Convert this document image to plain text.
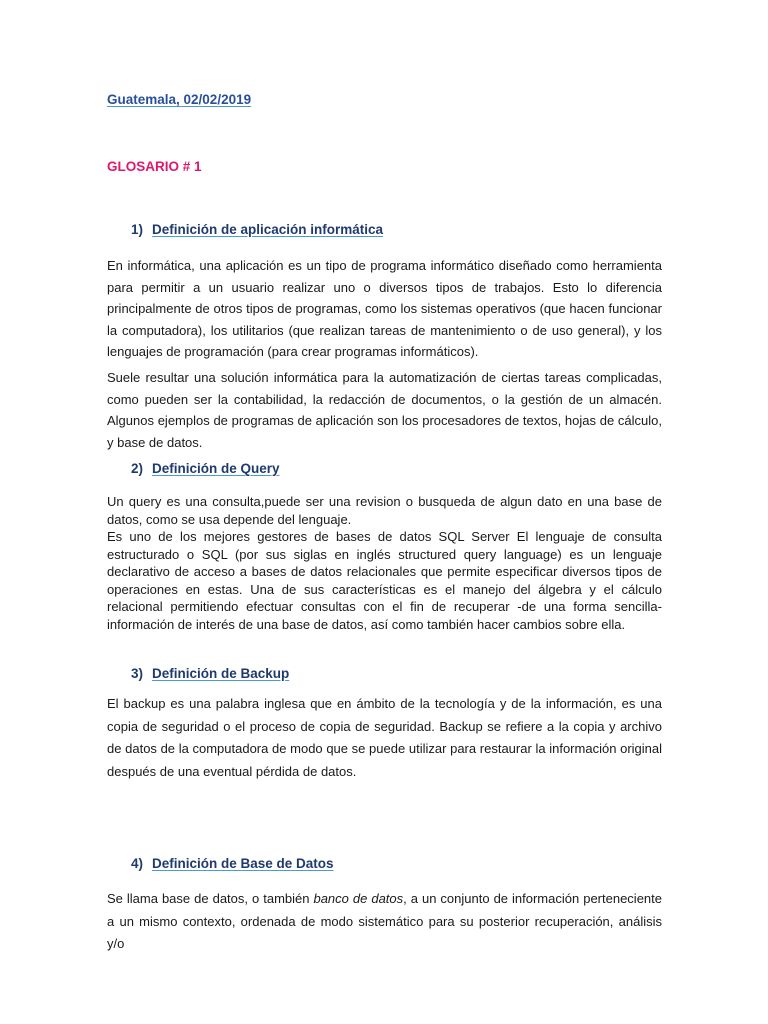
Guatemala, 02/02/2019
GLOSARIO # 1
1) Definición de aplicación informática

En informática, una aplicación es un tipo de programa informático diseñado como herramienta para permitir a un usuario realizar uno o diversos tipos de trabajos. Esto lo diferencia principalmente de otros tipos de programas, como los sistemas operativos (que hacen funcionar la computadora), los utilitarios (que realizan tareas de mantenimiento o de uso general), y los lenguajes de programación (para crear programas informáticos).

Suele resultar una solución informática para la automatización de ciertas tareas complicadas, como pueden ser la contabilidad, la redacción de documentos, o la gestión de un almacén. Algunos ejemplos de programas de aplicación son los procesadores de textos, hojas de cálculo, y base de datos.

2) Definición de Query

Un query es una consulta,puede ser una revision o busqueda de algun dato en una base de datos, como se usa depende del lenguaje.

Es uno de los mejores gestores de bases de datos SQL Server El lenguaje de consulta estructurado o SQL (por sus siglas en inglés structured query language) es un lenguaje declarativo de acceso a bases de datos relacionales que permite especificar diversos tipos de operaciones en estas. Una de sus características es el manejo del álgebra y el cálculo relacional permitiendo efectuar consultas con el fin de recuperar -de una forma sencilla- información de interés de una base de datos, así como también hacer cambios sobre ella.

3) Definición de Backup

El backup es una palabra inglesa que en ámbito de la tecnología y de la información, es una copia de seguridad o el proceso de copia de seguridad. Backup se refiere a la copia y archivo de datos de la computadora de modo que se puede utilizar para restaurar la información original después de una eventual pérdida de datos.

4) Definición de Base de Datos

Se llama base de datos, o también banco de datos, a un conjunto de información perteneciente a un mismo contexto, ordenada de modo sistemático para su posterior recuperación, análisis y/o
